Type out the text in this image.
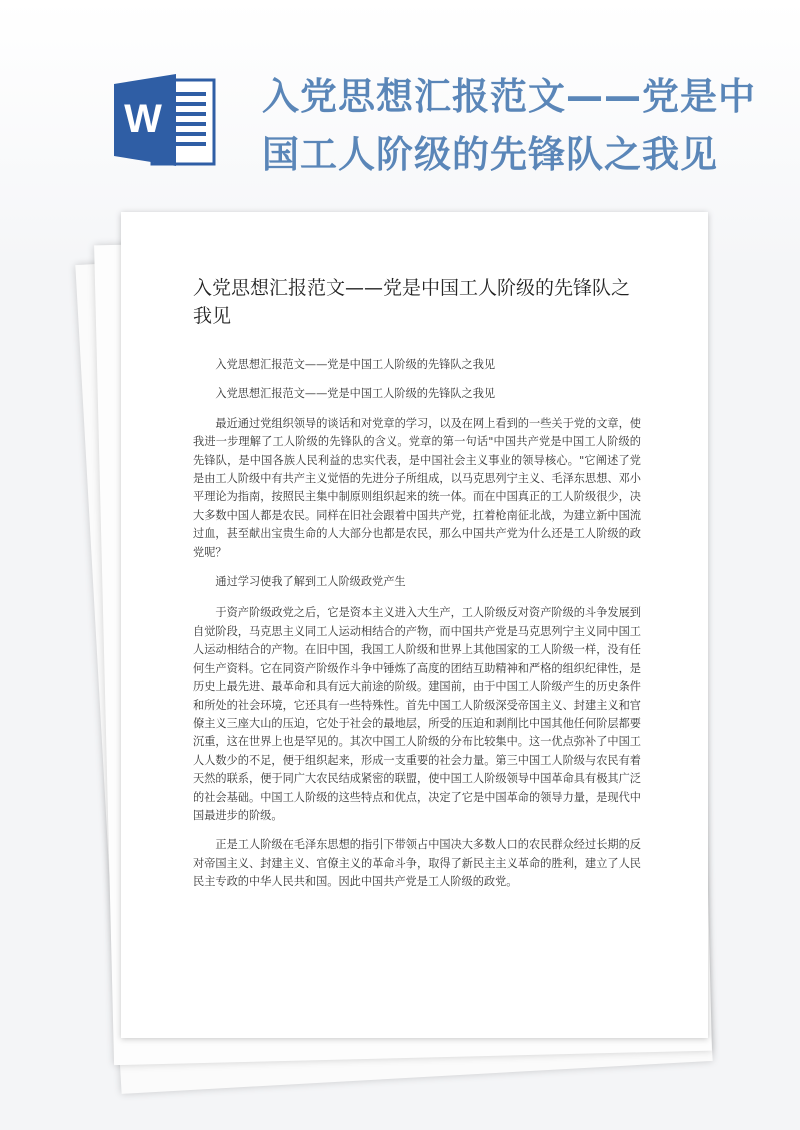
W
入党思想汇报范文——党是中国工人阶级的先锋队之我见
入党思想汇报范文——党是中国工人阶级的先锋队之我见

入党思想汇报范文——党是中国工人阶级的先锋队之我见

入党思想汇报范文——党是中国工人阶级的先锋队之我见

最近通过党组织领导的谈话和对党章的学习，以及在网上看到的一些关于党的文章，使我进一步理解了工人阶级的先锋队的含义。党章的第一句话"中国共产党是中国工人阶级的先锋队，是中国各族人民利益的忠实代表，是中国社会主义事业的领导核心。"它阐述了党是由工人阶级中有共产主义觉悟的先进分子所组成，以马克思列宁主义、毛泽东思想、邓小平理论为指南，按照民主集中制原则组织起来的统一体。而在中国真正的工人阶级很少，决大多数中国人都是农民。同样在旧社会跟着中国共产党，扛着枪南征北战，为建立新中国流过血，甚至献出宝贵生命的人大部分也都是农民，那么中国共产党为什么还是工人阶级的政党呢？

通过学习使我了解到工人阶级政党产生

于资产阶级政党之后，它是资本主义进入大生产，工人阶级反对资产阶级的斗争发展到自觉阶段，马克思主义同工人运动相结合的产物，而中国共产党是马克思列宁主义同中国工人运动相结合的产物。在旧中国，我国工人阶级和世界上其他国家的工人阶级一样，没有任何生产资料。它在同资产阶级作斗争中锤炼了高度的团结互助精神和严格的组织纪律性，是历史上最先进、最革命和具有远大前途的阶级。建国前，由于中国工人阶级产生的历史条件和所处的社会环境，它还具有一些特殊性。首先中国工人阶级深受帝国主义、封建主义和官僚主义三座大山的压迫，它处于社会的最地层，所受的压迫和剥削比中国其他任何阶层都要沉重，这在世界上也是罕见的。其次中国工人阶级的分布比较集中。这一优点弥补了中国工人人数少的不足，便于组织起来，形成一支重要的社会力量。第三中国工人阶级与农民有着天然的联系，便于同广大农民结成紧密的联盟，使中国工人阶级领导中国革命具有极其广泛的社会基础。中国工人阶级的这些特点和优点，决定了它是中国革命的领导力量，是现代中国最进步的阶级。

正是工人阶级在毛泽东思想的指引下带领占中国决大多数人口的农民群众经过长期的反对帝国主义、封建主义、官僚主义的革命斗争，取得了新民主主义革命的胜利，建立了人民民主专政的中华人民共和国。因此中国共产党是工人阶级的政党。
